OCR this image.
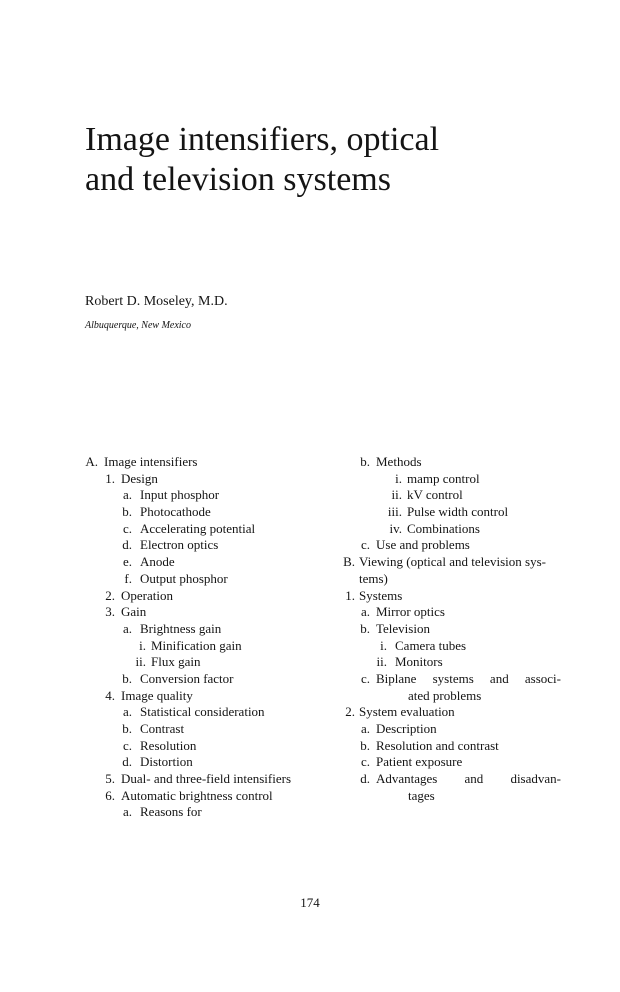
Image intensifiers, optical
and television systems
Robert D. Moseley, M.D.
Albuquerque, New Mexico
A. Image intensifiers
1. Design
a. Input phosphor
b. Photocathode
c. Accelerating potential
d. Electron optics
e. Anode
f. Output phosphor
2. Operation
3. Gain
a. Brightness gain
i. Minification gain
ii. Flux gain
b. Conversion factor
4. Image quality
a. Statistical consideration
b. Contrast
c. Resolution
d. Distortion
5. Dual- and three-field intensifiers
6. Automatic brightness control
a. Reasons for
b. Methods
i. mamp control
ii. kV control
iii. Pulse width control
iv. Combinations
c. Use and problems
B. Viewing (optical and television sys-
tems)
1. Systems
a. Mirror optics
b. Television
i. Camera tubes
ii. Monitors
c. Biplane systems and associ-
ated problems
2. System evaluation
a. Description
b. Resolution and contrast
c. Patient exposure
d. Advantages and disadvan-
tages
174
